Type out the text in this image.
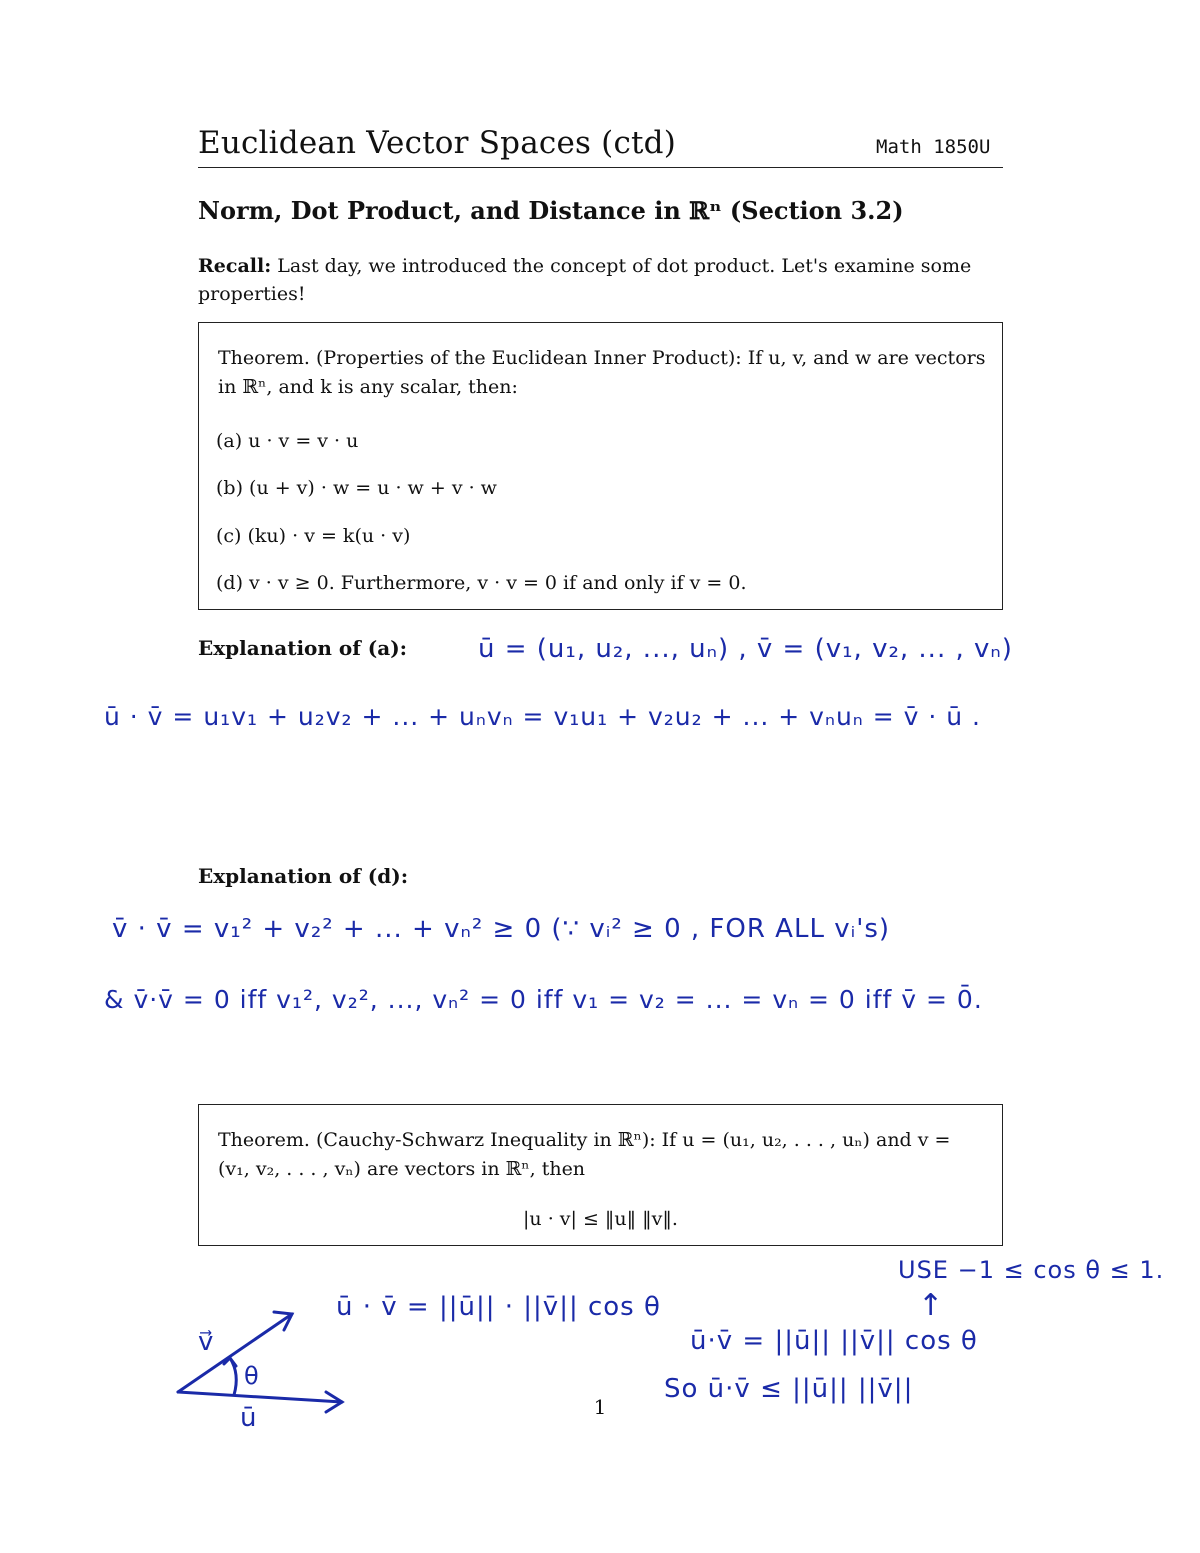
Euclidean Vector Spaces (ctd)	Math 1850U
Norm, Dot Product, and Distance in ℝⁿ (Section 3.2)
Recall: Last day, we introduced the concept of dot product. Let's examine some properties!
Theorem. (Properties of the Euclidean Inner Product): If u, v, and w are vectors in ℝⁿ, and k is any scalar, then:
(a) u · v = v · u
(b) (u + v) · w = u · w + v · w
(c) (ku) · v = k(u · v)
(d) v · v ≥ 0. Furthermore, v · v = 0 if and only if v = 0.
Explanation of (a):	ū = (u₁, u₂, ..., uₙ) , v̄ = (v₁, v₂, ... , vₙ)
ū · v̄ = u₁v₁ + u₂v₂ + ... + uₙvₙ = v₁u₁ + v₂u₂ + ... + vₙuₙ = v̄ · ū .
Explanation of (d):
v̄ · v̄ = v₁² + v₂² + ... + vₙ² ≥ 0 (∵ vᵢ² ≥ 0 , FOR ALL vᵢ's)
& v̄·v̄ = 0 iff v₁², v₂², ..., vₙ² = 0 iff v₁ = v₂ = ... = vₙ = 0 iff v̄ = 0̄.
Theorem. (Cauchy-Schwarz Inequality in ℝⁿ): If u = (u₁, u₂, . . . , uₙ) and v = (v₁, v₂, . . . , vₙ) are vectors in ℝⁿ, then
|u · v| ≤ ‖u‖ ‖v‖.
USE −1 ≤ cos θ ≤ 1.
↑
ū · v̄ = ||ū|| · ||v̄|| cos θ
ū·v̄ = ||ū|| ||v̄|| cos θ
So ū·v̄ ≤ ||ū|| ||v̄||
v⃗
θ
ū	1
